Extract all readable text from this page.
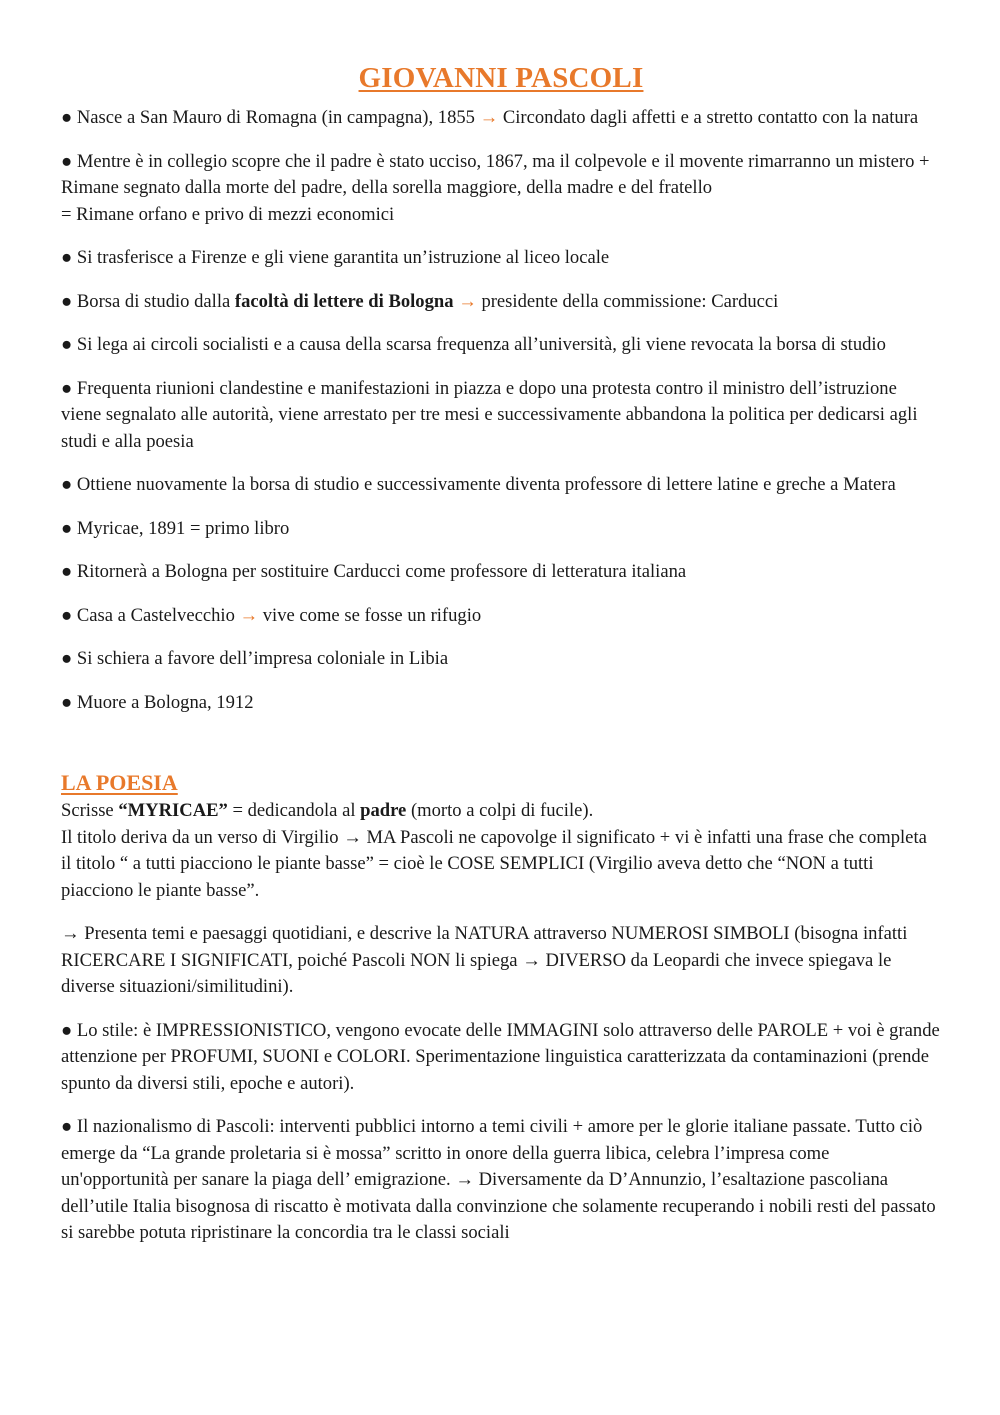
GIOVANNI PASCOLI

● Nasce a San Mauro di Romagna (in campagna), 1855 → Circondato dagli affetti e a stretto contatto con la natura

● Mentre è in collegio scopre che il padre è stato ucciso, 1867, ma il colpevole e il movente rimarranno un mistero + Rimane segnato dalla morte del padre, della sorella maggiore, della madre e del fratello
= Rimane orfano e privo di mezzi economici

● Si trasferisce a Firenze e gli viene garantita un’istruzione al liceo locale

● Borsa di studio dalla facoltà di lettere di Bologna → presidente della commissione: Carducci

● Si lega ai circoli socialisti e a causa della scarsa frequenza all’università, gli viene revocata la borsa di studio

● Frequenta riunioni clandestine e manifestazioni in piazza e dopo una protesta contro il ministro dell’istruzione viene segnalato alle autorità, viene arrestato per tre mesi e successivamente abbandona la politica per dedicarsi agli studi e alla poesia

● Ottiene nuovamente la borsa di studio e successivamente diventa professore di lettere latine e greche a Matera

● Myricae, 1891 = primo libro

● Ritornerà a Bologna per sostituire Carducci come professore di letteratura italiana

● Casa a Castelvecchio → vive come se fosse un rifugio

● Si schiera a favore dell’impresa coloniale in Libia

● Muore a Bologna, 1912

LA POESIA

Scrisse “MYRICAE” = dedicandola al padre (morto a colpi di fucile).
Il titolo deriva da un verso di Virgilio → MA Pascoli ne capovolge il significato + vi è infatti una frase che completa il titolo “ a tutti piacciono le piante basse” = cioè le COSE SEMPLICI (Virgilio aveva detto che “NON a tutti piacciono le piante basse”.

→ Presenta temi e paesaggi quotidiani, e descrive la NATURA attraverso NUMEROSI SIMBOLI (bisogna infatti RICERCARE I SIGNIFICATI, poiché Pascoli NON li spiega → DIVERSO da Leopardi che invece spiegava le diverse situazioni/similitudini).

● Lo stile: è IMPRESSIONISTICO, vengono evocate delle IMMAGINI solo attraverso delle PAROLE + voi è grande attenzione per PROFUMI, SUONI e COLORI. Sperimentazione linguistica caratterizzata da contaminazioni (prende spunto da diversi stili, epoche e autori).

● Il nazionalismo di Pascoli: interventi pubblici intorno a temi civili + amore per le glorie italiane passate. Tutto ciò emerge da “La grande proletaria si è mossa” scritto in onore della guerra libica, celebra l’impresa come un'opportunità per sanare la piaga dell’ emigrazione. → Diversamente da D’Annunzio, l’esaltazione pascoliana dell’utile Italia bisognosa di riscatto è motivata dalla convinzione che solamente recuperando i nobili resti del passato si sarebbe potuta ripristinare la concordia tra le classi sociali
